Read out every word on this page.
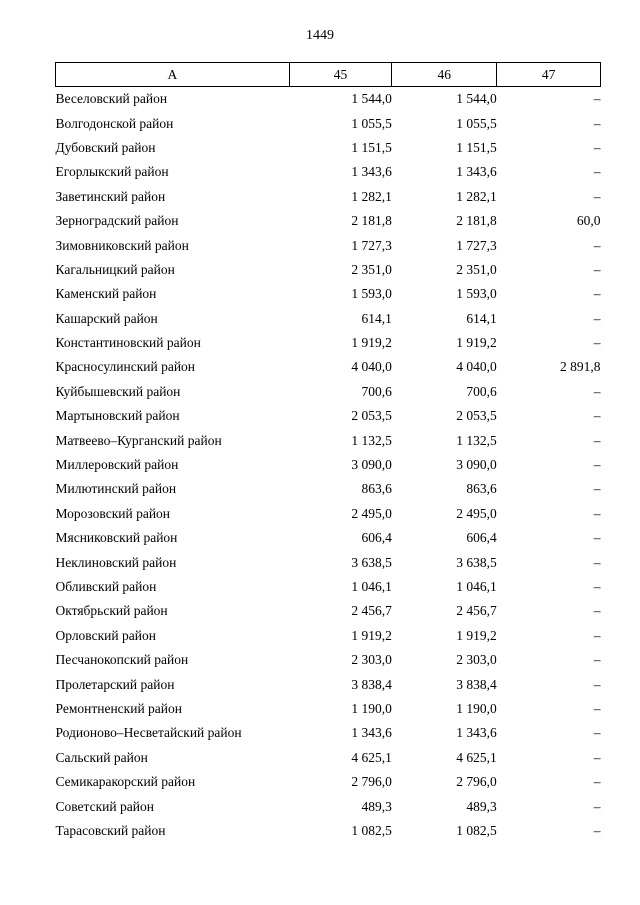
1449
А	45	46	47
Веселовский район	1 544,0	1 544,0	–
Волгодонской район	1 055,5	1 055,5	–
Дубовский район	1 151,5	1 151,5	–
Егорлыкский район	1 343,6	1 343,6	–
Заветинский район	1 282,1	1 282,1	–
Зерноградский район	2 181,8	2 181,8	60,0
Зимовниковский район	1 727,3	1 727,3	–
Кагальницкий район	2 351,0	2 351,0	–
Каменский район	1 593,0	1 593,0	–
Кашарский район	614,1	614,1	–
Константиновский район	1 919,2	1 919,2	–
Красносулинский район	4 040,0	4 040,0	2 891,8
Куйбышевский район	700,6	700,6	–
Мартыновский район	2 053,5	2 053,5	–
Матвеево–Курганский район	1 132,5	1 132,5	–
Миллеровский район	3 090,0	3 090,0	–
Милютинский район	863,6	863,6	–
Морозовский район	2 495,0	2 495,0	–
Мясниковский район	606,4	606,4	–
Неклиновский район	3 638,5	3 638,5	–
Обливский район	1 046,1	1 046,1	–
Октябрьский район	2 456,7	2 456,7	–
Орловский район	1 919,2	1 919,2	–
Песчанокопский район	2 303,0	2 303,0	–
Пролетарский район	3 838,4	3 838,4	–
Ремонтненский район	1 190,0	1 190,0	–
Родионово–Несветайский район	1 343,6	1 343,6	–
Сальский район	4 625,1	4 625,1	–
Семикаракорский район	2 796,0	2 796,0	–
Советский район	489,3	489,3	–
Тарасовский район	1 082,5	1 082,5	–
